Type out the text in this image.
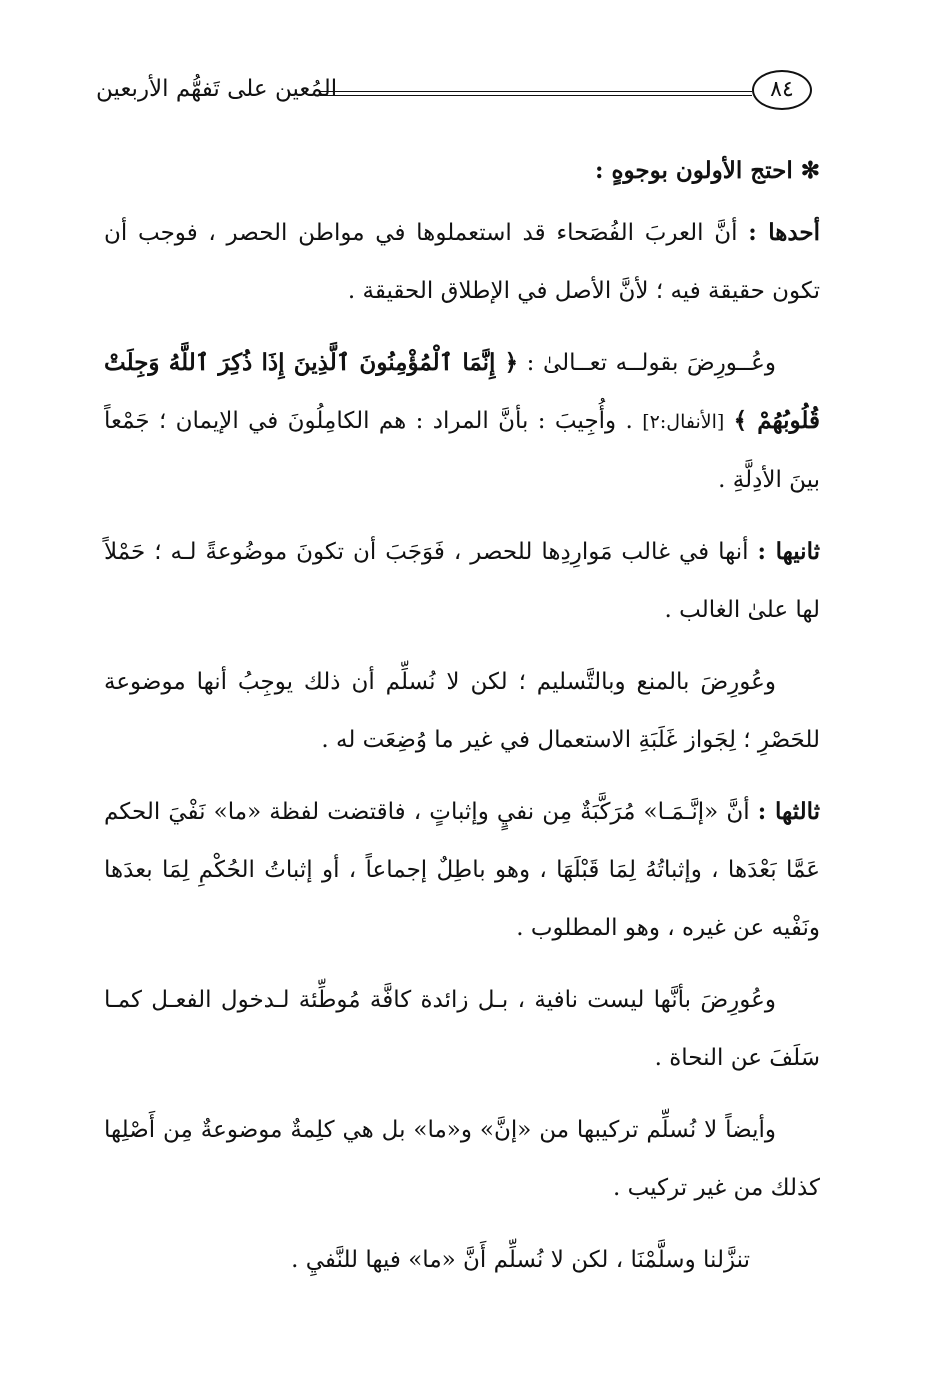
المُعين على تَفهُّم الأربعين	٨٤

✻احتج الأولون بوجوهٍ :

أحدها : أنَّ العربَ الفُصَحاء قد استعملوها في مواطن الحصر ، فوجب أن تكون حقيقة فيه ؛ لأنَّ الأصل في الإطلاق الحقيقة .

وعُــورِضَ بقولــه تعــالىٰ : ﴿ إِنَّمَا ٱلْمُؤْمِنُونَ ٱلَّذِينَ إِذَا ذُكِرَ ٱللَّهُ وَجِلَتْ قُلُوبُهُمْ ﴾ [الأنفال:٢] . وأُجِيبَ : بأنَّ المراد : هم الكامِلُونَ في الإيمان ؛ جَمْعاً بينَ الأدِلَّةِ .

ثانيها : أنها في غالب مَوارِدِها للحصر ، فَوَجَبَ أن تكونَ موضُوعةً لـه ؛ حَمْلاً لها علىٰ الغالب .

وعُورِضَ بالمنع وبالتَّسليم ؛ لكن لا نُسلِّم أن ذلك يوجِبُ أنها موضوعة للحَصْرِ ؛ لِجَواز غَلَبَةِ الاستعمال في غير ما وُضِعَت له .

ثالثها : أنَّ «إنَّـمَـا» مُرَكَّبَةٌ مِن نفيٍ وإثباتٍ ، فاقتضت لفظة «ما» نَفْيَ الحكم عَمَّا بَعْدَها ، وإثباتُهُ لِمَا قَبْلَهَا ، وهو باطِلٌ إجماعاً ، أو إثباتُ الحُكْمِ لِمَا بعدَها ونَفْيه عن غيره ، وهو المطلوب .

وعُورِضَ بأنَّها ليست نافية ، بـل زائدة كافَّة مُوطِّئة لـدخول الفعـل كمـا سَلَفَ عن النحاة .

وأيضاً لا نُسلِّم تركيبها من «إنَّ» و«ما» بل هي كلِمةٌ موضوعةٌ مِن أَصْلِها كذلك من غير تركيب .

تنزَّلنا وسلَّمْنَا ، لكن لا نُسلِّم أَنَّ «ما» فيها للنَّفيِ .
